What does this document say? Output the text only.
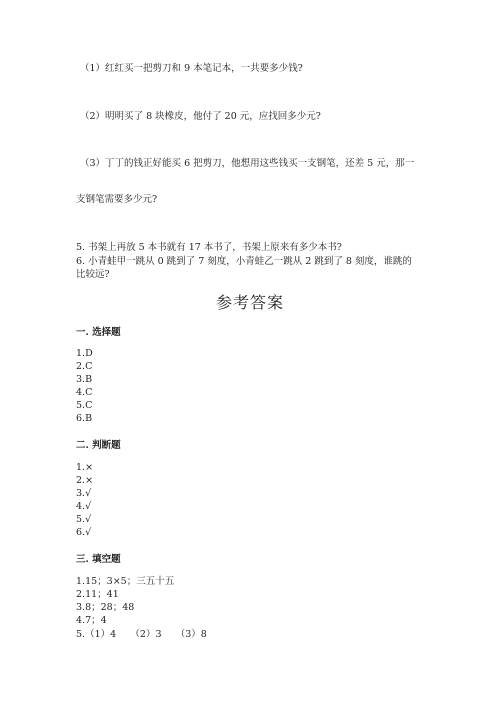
（1）红红买一把剪刀和 9 本笔记本，一共要多少钱?
（2）明明买了 8 块橡皮，他付了 20 元，应找回多少元?
（3）丁丁的钱正好能买 6 把剪刀，他想用这些钱买一支钢笔，还差 5 元，那一
支钢笔需要多少元?
5. 书架上再放 5 本书就有 17 本书了，书架上原来有多少本书?
6. 小青蛙甲一跳从 0 跳到了 7 刻度，小青蛙乙一跳从 2 跳到了 8 刻度，谁跳的
比较远?
参考答案
一. 选择题
1.D
2.C
3.B
4.C
5.C
6.B
二. 判断题
1.×
2.×
3.√
4.√
5.√
6.√
三. 填空题
1.15；3×5；三五十五
2.11；41
3.8；28；48
4.7；4
5.（1）4　　（2）3　　（3）8
